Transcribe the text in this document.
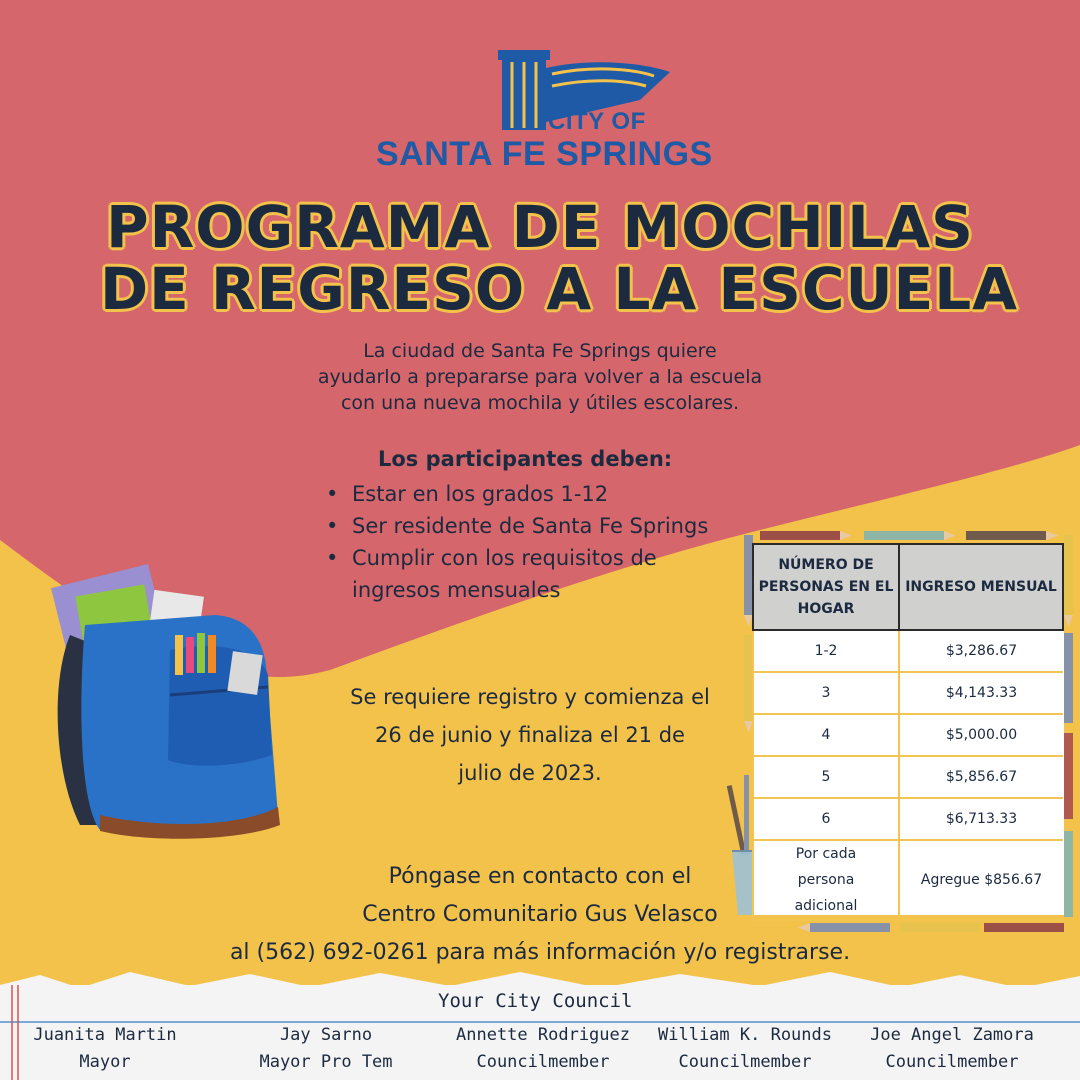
CITY OF
SANTA FE SPRINGS
PROGRAMA DE MOCHILAS
DE REGRESO A LA ESCUELA
La ciudad de Santa Fe Springs quiere
ayudarlo a prepararse para volver a la escuela
con una nueva mochila y útiles escolares.
Los participantes deben:
• Estar en los grados 1-12
• Ser residente de Santa Fe Springs
• Cumplir con los requisitos de ingresos mensuales
Se requiere registro y comienza el
26 de junio y finaliza el 21 de
julio de 2023.
NÚMERO DE PERSONAS EN EL HOGAR	INGRESO MENSUAL
1-2	$3,286.67
3	$4,143.33
4	$5,000.00
5	$5,856.67
6	$6,713.33
Por cada persona adicional	Agregue $856.67
Póngase en contacto con el
Centro Comunitario Gus Velasco
al (562) 692-0261 para más información y/o registrarse.
Your City Council
Juanita Martin
Mayor
Jay Sarno
Mayor Pro Tem
Annette Rodriguez
Councilmember
William K. Rounds
Councilmember
Joe Angel Zamora
Councilmember
